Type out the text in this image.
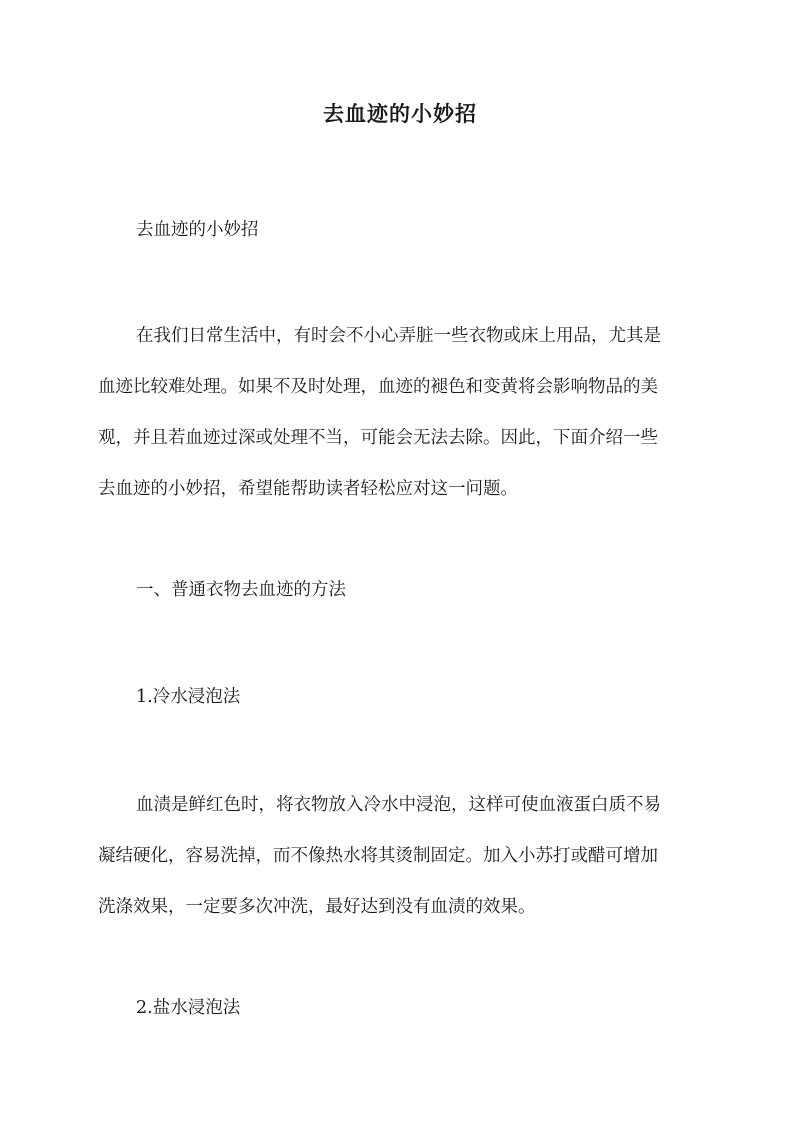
去血迹的小妙招
去血迹的小妙招
在我们日常生活中，有时会不小心弄脏一些衣物或床上用品，尤其是
血迹比较难处理。如果不及时处理，血迹的褪色和变黄将会影响物品的美
观，并且若血迹过深或处理不当，可能会无法去除。因此，下面介绍一些
去血迹的小妙招，希望能帮助读者轻松应对这一问题。
一、普通衣物去血迹的方法
1.冷水浸泡法
血渍是鲜红色时，将衣物放入冷水中浸泡，这样可使血液蛋白质不易
凝结硬化，容易洗掉，而不像热水将其烫制固定。加入小苏打或醋可增加
洗涤效果，一定要多次冲洗，最好达到没有血渍的效果。
2.盐水浸泡法
